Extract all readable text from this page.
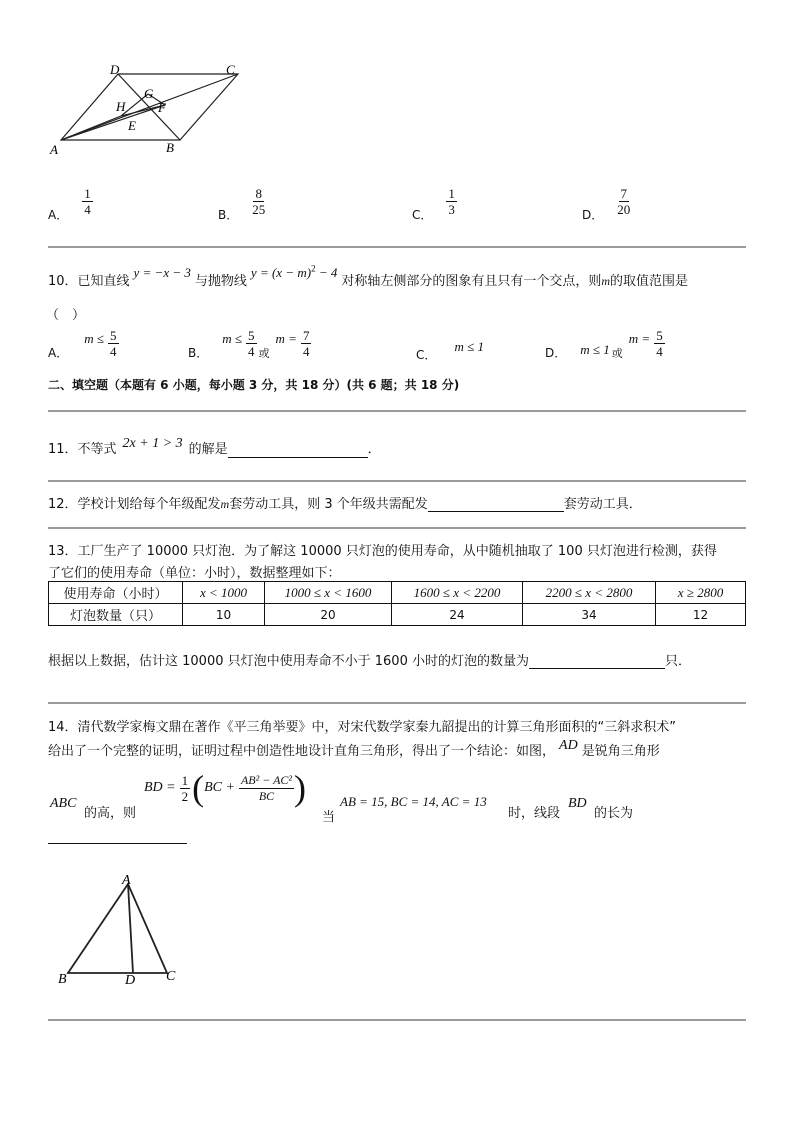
D	C
H
G
F
E
A	B
A． $\frac{1}{4}$	B． $\frac{8}{25}$	C． $\frac{1}{3}$	D． $\frac{7}{20}$
10．已知直线y = −x − 3与抛物线$y = (x - m)^2 - 4$对称轴左侧部分的图象有且只有一个交点，则m的取值范围是
（　）
A．
$m \le \frac{5}{4}$	B．
$m \le \frac{5}{4}$ 或
$m = \frac{7}{4}$	C． m ≤ 1	D． m ≤ 1 或
$m = \frac{5}{4}$
二、填空题（本题有 6 小题，每小题 3 分，共 18 分）(共 6 题；共 18 分)
11．不等式 2x + 1 > 3 的解是	．
12．学校计划给每个年级配发m套劳动工具，则 3 个年级共需配发	套劳动工具．
13．工厂生产了 10000 只灯泡．为了解这 10000 只灯泡的使用寿命，从中随机抽取了 100 只灯泡进行检测，获得
了它们的使用寿命（单位：小时），数据整理如下：
使用寿命（小时）	x < 1000	1000 ≤ x < 1600	1600 ≤ x < 2200	2200 ≤ x < 2800	x ≥ 2800
灯泡数量（只）	10	20	24	34	12
根据以上数据，估计这 10000 只灯泡中使用寿命不小于 1600 小时的灯泡的数量为	只．
14．清代数学家梅文鼎在著作《平三角举要》中，对宋代数学家秦九韶提出的计算三角形面积的“三斜求积术”
给出了一个完整的证明，证明过程中创造性地设计直角三角形，得出了一个结论：如图， AD 是锐角三角形
ABC
的高，则
BD = $\frac{1}{2}$ ( BC + $\frac{\text{AB² − AC²}}{BC}$ )
当
AB = 15, BC = 14, AC = 13
时，线段
BD
的长为
A
B	D C
